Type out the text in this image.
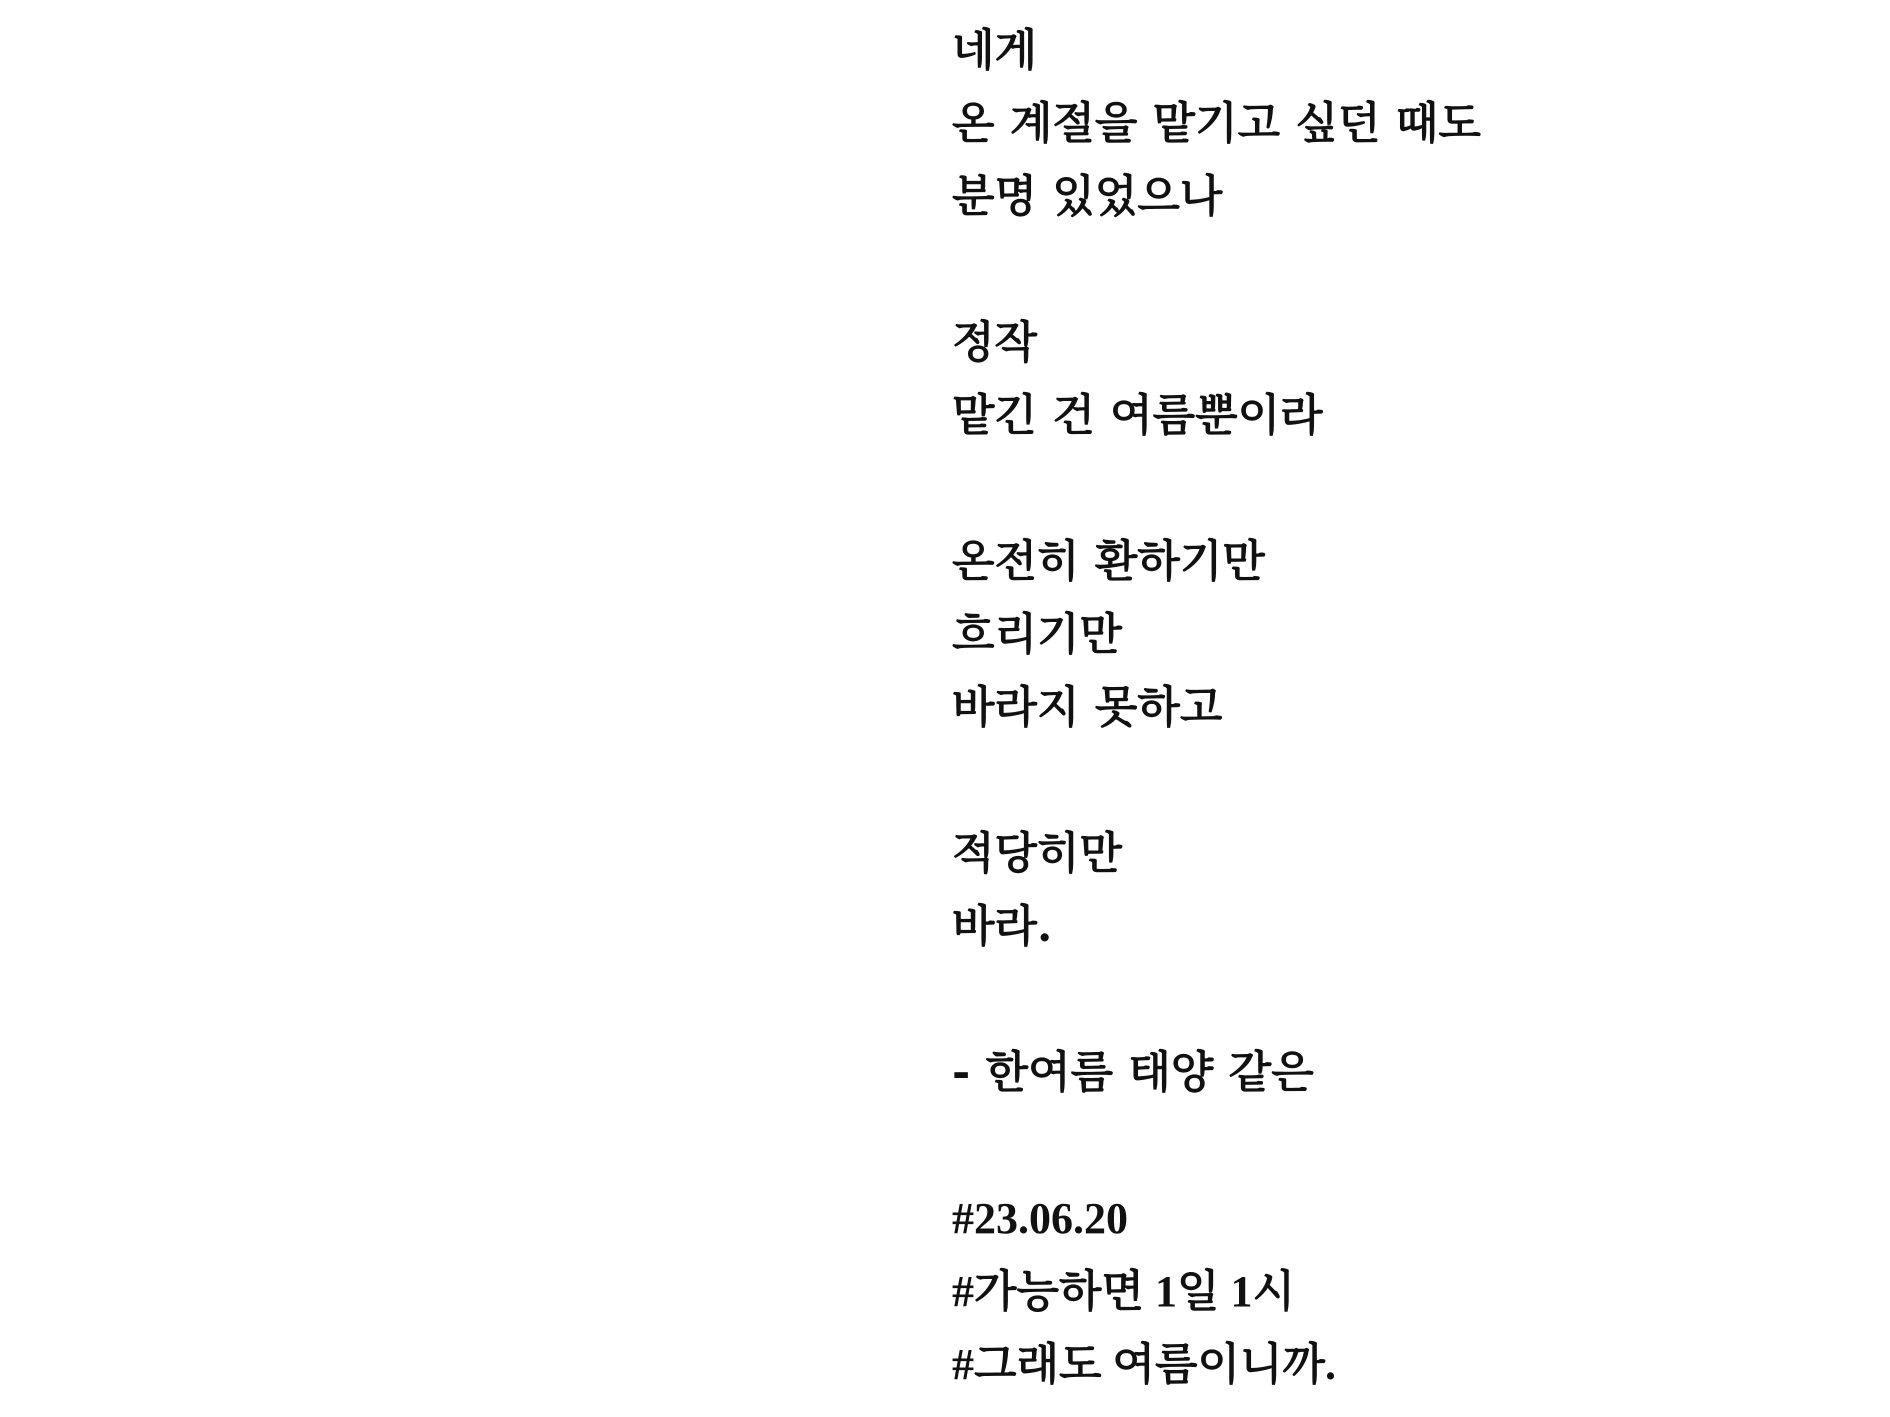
네게
온 계절을 맡기고 싶던 때도
분명 있었으나
정작
맡긴 건 여름뿐이라
온전히 환하기만
흐리기만
바라지 못하고
적당히만
바라.
- 한여름 태양 같은
#23.06.20
#가능하면 1일 1시
#그래도 여름이니까.
